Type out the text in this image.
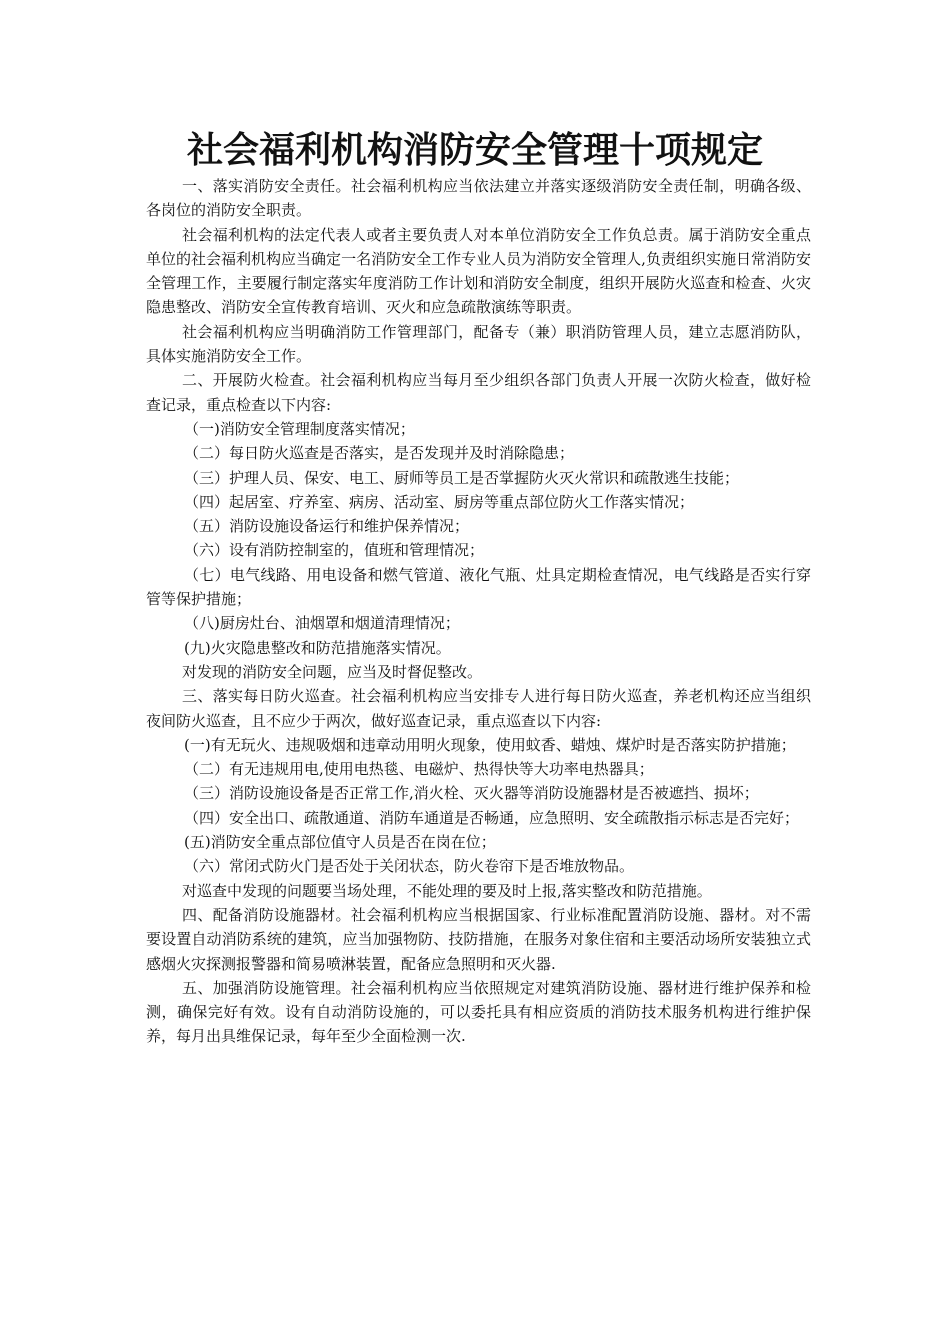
社会福利机构消防安全管理十项规定

一、落实消防安全责任。社会福利机构应当依法建立并落实逐级消防安全责任制，明确各级、各岗位的消防安全职责。

社会福利机构的法定代表人或者主要负责人对本单位消防安全工作负总责。属于消防安全重点单位的社会福利机构应当确定一名消防安全工作专业人员为消防安全管理人,负责组织实施日常消防安全管理工作，主要履行制定落实年度消防工作计划和消防安全制度，组织开展防火巡查和检查、火灾隐患整改、消防安全宣传教育培训、灭火和应急疏散演练等职责。

社会福利机构应当明确消防工作管理部门，配备专（兼）职消防管理人员，建立志愿消防队，具体实施消防安全工作。

二、开展防火检查。社会福利机构应当每月至少组织各部门负责人开展一次防火检查，做好检查记录，重点检查以下内容:

（一)消防安全管理制度落实情况；

（二）每日防火巡查是否落实，是否发现并及时消除隐患；

（三）护理人员、保安、电工、厨师等员工是否掌握防火灭火常识和疏散逃生技能；

（四）起居室、疗养室、病房、活动室、厨房等重点部位防火工作落实情况；

（五）消防设施设备运行和维护保养情况；

（六）设有消防控制室的，值班和管理情况；

（七）电气线路、用电设备和燃气管道、液化气瓶、灶具定期检查情况，电气线路是否实行穿管等保护措施；

（八)厨房灶台、油烟罩和烟道清理情况；

(九)火灾隐患整改和防范措施落实情况。

对发现的消防安全问题，应当及时督促整改。

三、落实每日防火巡查。社会福利机构应当安排专人进行每日防火巡查，养老机构还应当组织夜间防火巡查，且不应少于两次，做好巡查记录，重点巡查以下内容:

(一)有无玩火、违规吸烟和违章动用明火现象，使用蚊香、蜡烛、煤炉时是否落实防护措施；

（二）有无违规用电,使用电热毯、电磁炉、热得快等大功率电热器具；

（三）消防设施设备是否正常工作,消火栓、灭火器等消防设施器材是否被遮挡、损坏；

（四）安全出口、疏散通道、消防车通道是否畅通，应急照明、安全疏散指示标志是否完好；

(五)消防安全重点部位值守人员是否在岗在位；

（六）常闭式防火门是否处于关闭状态，防火卷帘下是否堆放物品。

对巡查中发现的问题要当场处理，不能处理的要及时上报,落实整改和防范措施。

四、配备消防设施器材。社会福利机构应当根据国家、行业标准配置消防设施、器材。对不需要设置自动消防系统的建筑，应当加强物防、技防措施，在服务对象住宿和主要活动场所安装独立式感烟火灾探测报警器和简易喷淋装置，配备应急照明和灭火器.

五、加强消防设施管理。社会福利机构应当依照规定对建筑消防设施、器材进行维护保养和检测，确保完好有效。设有自动消防设施的，可以委托具有相应资质的消防技术服务机构进行维护保养，每月出具维保记录，每年至少全面检测一次.
